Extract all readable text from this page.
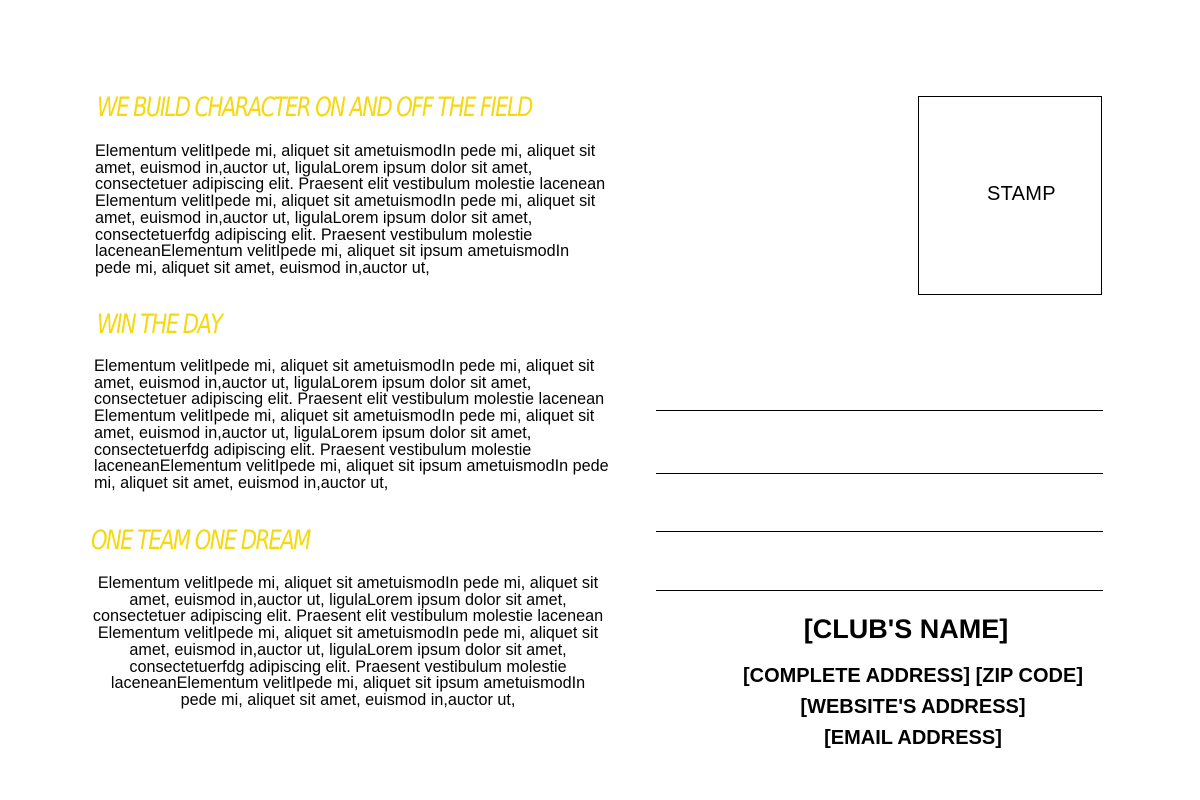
WE BUILD CHARACTER ON AND OFF THE FIELD

Elementum velitIpede mi, aliquet sit ametuismodIn pede mi, aliquet sit amet, euismod in,auctor ut, ligulaLorem ipsum dolor sit amet, consectetuer adipiscing elit. Praesent elit vestibulum molestie lacenean Elementum velitIpede mi, aliquet sit ametuismodIn pede mi, aliquet sit amet, euismod in,auctor ut, ligulaLorem ipsum dolor sit amet, consectetuerfdg adipiscing elit. Praesent vestibulum molestie laceneanElementum velitIpede mi, aliquet sit ipsum ametuismodIn pede mi, aliquet sit amet, euismod in,auctor ut,

WIN THE DAY

Elementum velitIpede mi, aliquet sit ametuismodIn pede mi, aliquet sit amet, euismod in,auctor ut, ligulaLorem ipsum dolor sit amet, consectetuer adipiscing elit. Praesent elit vestibulum molestie lacenean Elementum velitIpede mi, aliquet sit ametuismodIn pede mi, aliquet sit amet, euismod in,auctor ut, ligulaLorem ipsum dolor sit amet, consectetuerfdg adipiscing elit. Praesent vestibulum molestie laceneanElementum velitIpede mi, aliquet sit ipsum ametuismodIn pede mi, aliquet sit amet, euismod in,auctor ut,

ONE TEAM ONE DREAM

Elementum velitIpede mi, aliquet sit ametuismodIn pede mi, aliquet sit amet, euismod in,auctor ut, ligulaLorem ipsum dolor sit amet, consectetuer adipiscing elit. Praesent elit vestibulum molestie lacenean Elementum velitIpede mi, aliquet sit ametuismodIn pede mi, aliquet sit amet, euismod in,auctor ut, ligulaLorem ipsum dolor sit amet, consectetuerfdg adipiscing elit. Praesent vestibulum molestie laceneanElementum velitIpede mi, aliquet sit ipsum ametuismodIn pede mi, aliquet sit amet, euismod in,auctor ut,

STAMP
[CLUB'S NAME]

[COMPLETE ADDRESS] [ZIP CODE]

[WEBSITE'S ADDRESS]

[EMAIL ADDRESS]
